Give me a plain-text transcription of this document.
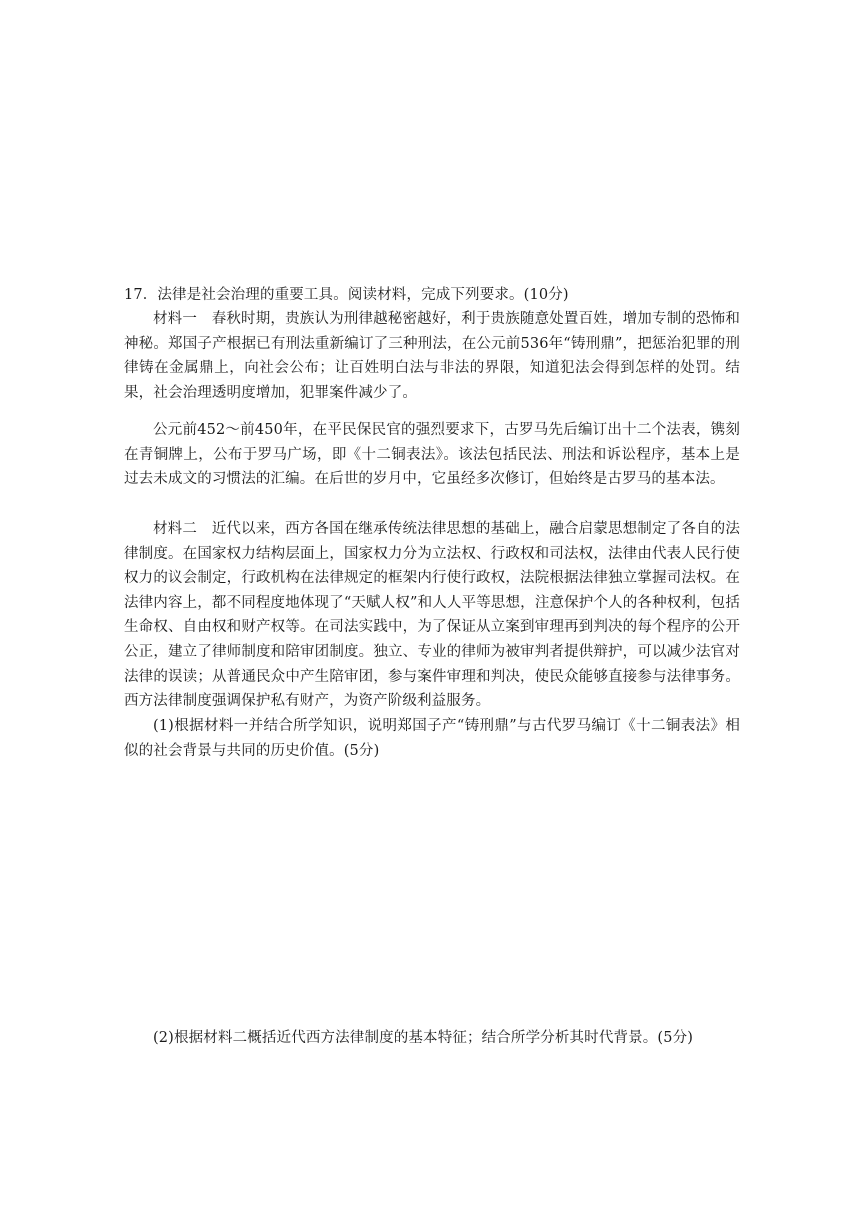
17．法律是社会治理的重要工具。阅读材料，完成下列要求。(10分)

材料一　春秋时期，贵族认为刑律越秘密越好，利于贵族随意处置百姓，增加专制的恐怖和神秘。郑国子产根据已有刑法重新编订了三种刑法，在公元前536年“铸刑鼎”，把惩治犯罪的刑律铸在金属鼎上，向社会公布；让百姓明白法与非法的界限，知道犯法会得到怎样的处罚。结果，社会治理透明度增加，犯罪案件减少了。

公元前452～前450年，在平民保民官的强烈要求下，古罗马先后编订出十二个法表，镌刻在青铜牌上，公布于罗马广场，即《十二铜表法》。该法包括民法、刑法和诉讼程序，基本上是过去未成文的习惯法的汇编。在后世的岁月中，它虽经多次修订，但始终是古罗马的基本法。

材料二　近代以来，西方各国在继承传统法律思想的基础上，融合启蒙思想制定了各自的法律制度。在国家权力结构层面上，国家权力分为立法权、行政权和司法权，法律由代表人民行使权力的议会制定，行政机构在法律规定的框架内行使行政权，法院根据法律独立掌握司法权。在法律内容上，都不同程度地体现了“天赋人权”和人人平等思想，注意保护个人的各种权利，包括生命权、自由权和财产权等。在司法实践中，为了保证从立案到审理再到判决的每个程序的公开公正，建立了律师制度和陪审团制度。独立、专业的律师为被审判者提供辩护，可以减少法官对法律的误读；从普通民众中产生陪审团，参与案件审理和判决，使民众能够直接参与法律事务。西方法律制度强调保护私有财产，为资产阶级利益服务。

(1)根据材料一并结合所学知识，说明郑国子产“铸刑鼎”与古代罗马编订《十二铜表法》相似的社会背景与共同的历史价值。(5分)

(2)根据材料二概括近代西方法律制度的基本特征；结合所学分析其时代背景。(5分)
